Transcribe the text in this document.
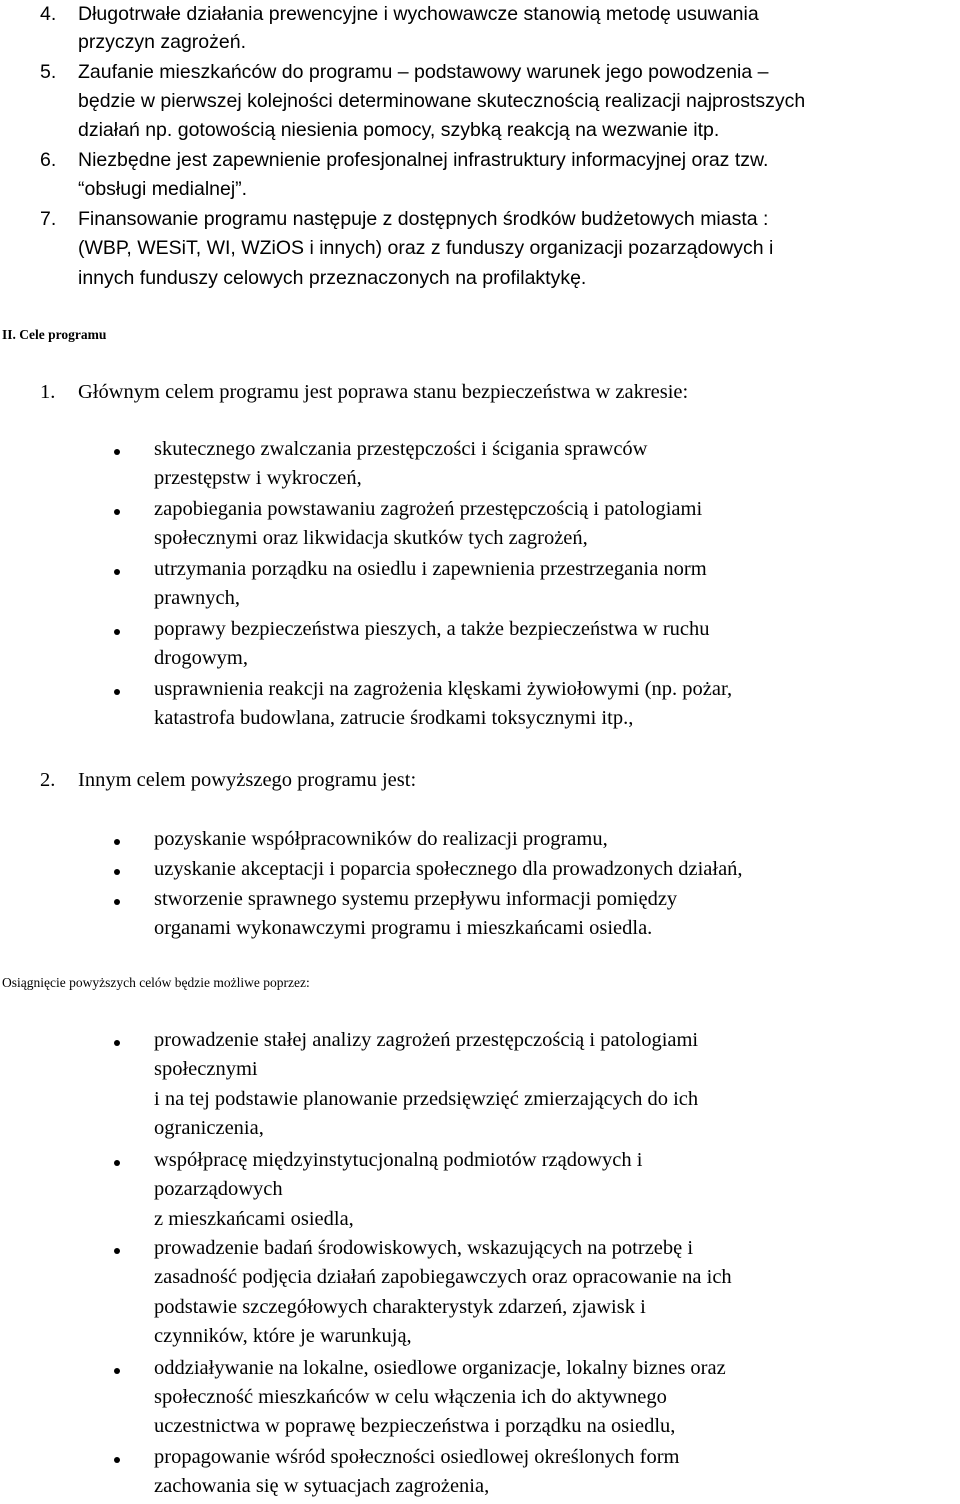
4. Długotrwałe działania prewencyjne i wychowawcze stanowią metodę usuwania
przyczyn zagrożeń.
5. Zaufanie mieszkańców do programu – podstawowy warunek jego powodzenia –
będzie w pierwszej kolejności determinowane skutecznością realizacji najprostszych
działań np. gotowością niesienia pomocy, szybką reakcją na wezwanie itp.
6. Niezbędne jest zapewnienie profesjonalnej infrastruktury informacyjnej oraz tzw.
“obsługi medialnej”.
7. Finansowanie programu następuje z dostępnych środków budżetowych miasta :
(WBP, WESiT, WI, WZiOS i innych) oraz z funduszy organizacji pozarządowych i
innych funduszy celowych przeznaczonych na profilaktykę.
II. Cele programu
1. Głównym celem programu jest poprawa stanu bezpieczeństwa w zakresie:
skutecznego zwalczania przestępczości i ścigania sprawców
przestępstw i wykroczeń,
zapobiegania powstawaniu zagrożeń przestępczością i patologiami
społecznymi oraz likwidacja skutków tych zagrożeń,
utrzymania porządku na osiedlu i zapewnienia przestrzegania norm
prawnych,
poprawy bezpieczeństwa pieszych, a także bezpieczeństwa w ruchu
drogowym,
usprawnienia reakcji na zagrożenia klęskami żywiołowymi (np. pożar,
katastrofa budowlana, zatrucie środkami toksycznymi itp.,
2. Innym celem powyższego programu jest:
pozyskanie współpracowników do realizacji programu,
uzyskanie akceptacji i poparcia społecznego dla prowadzonych działań,
stworzenie sprawnego systemu przepływu informacji pomiędzy
organami wykonawczymi programu i mieszkańcami osiedla.
Osiągnięcie powyższych celów będzie możliwe poprzez:
prowadzenie stałej analizy zagrożeń przestępczością i patologiami
społecznymi
i na tej podstawie planowanie przedsięwzięć zmierzających do ich
ograniczenia,
współpracę międzyinstytucjonalną podmiotów rządowych i
pozarządowych
z mieszkańcami osiedla,
prowadzenie badań środowiskowych, wskazujących na potrzebę i
zasadność podjęcia działań zapobiegawczych oraz opracowanie na ich
podstawie szczegółowych charakterystyk zdarzeń, zjawisk i
czynników, które je warunkują,
oddziaływanie na lokalne, osiedlowe organizacje, lokalny biznes oraz
społeczność mieszkańców w celu włączenia ich do aktywnego
uczestnictwa w poprawę bezpieczeństwa i porządku na osiedlu,
propagowanie wśród społeczności osiedlowej określonych form
zachowania się w sytuacjach zagrożenia,
